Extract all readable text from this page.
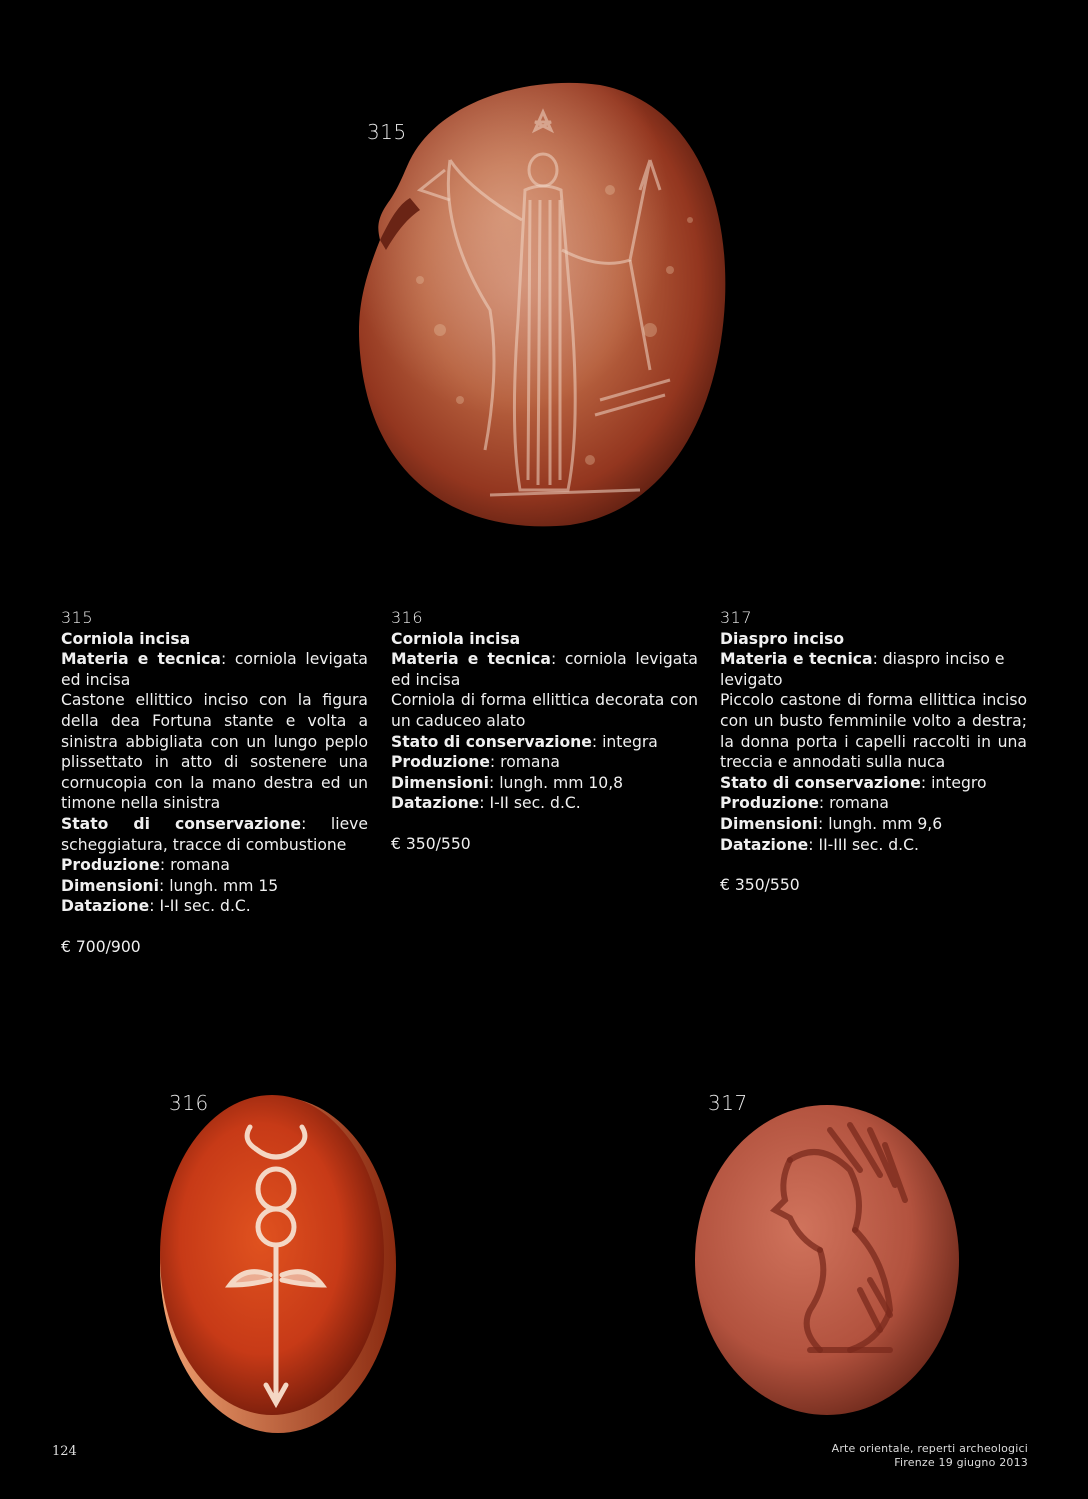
315

315

Corniola incisa

Materia e tecnica: corniola levigata ed incisa

Castone ellittico inciso con la figura della dea Fortuna stante e volta a sinistra abbigliata con un lungo peplo plissettato in atto di sostenere una cornucopia con la mano destra ed un timone nella sinistra

Stato di conservazione: lieve scheggiatura, tracce di combustione

Produzione: romana

Dimensioni: lungh. mm 15

Datazione: I-II sec. d.C.

€ 700/900

316

Corniola incisa

Materia e tecnica: corniola levigata ed incisa

Corniola di forma ellittica decorata con un caduceo alato

Stato di conservazione: integra

Produzione: romana

Dimensioni: lungh. mm 10,8

Datazione: I-II sec. d.C.

€ 350/550

317

Diaspro inciso

Materia e tecnica: diaspro inciso e levigato

Piccolo castone di forma ellittica inciso con un busto femminile volto a destra; la donna porta i capelli raccolti in una treccia e annodati sulla nuca

Stato di conservazione: integro

Produzione: romana

Dimensioni: lungh. mm 9,6

Datazione: II-III sec. d.C.

€ 350/550

316	317
124	Arte orientale, reperti archeologici
Firenze 19 giugno 2013
